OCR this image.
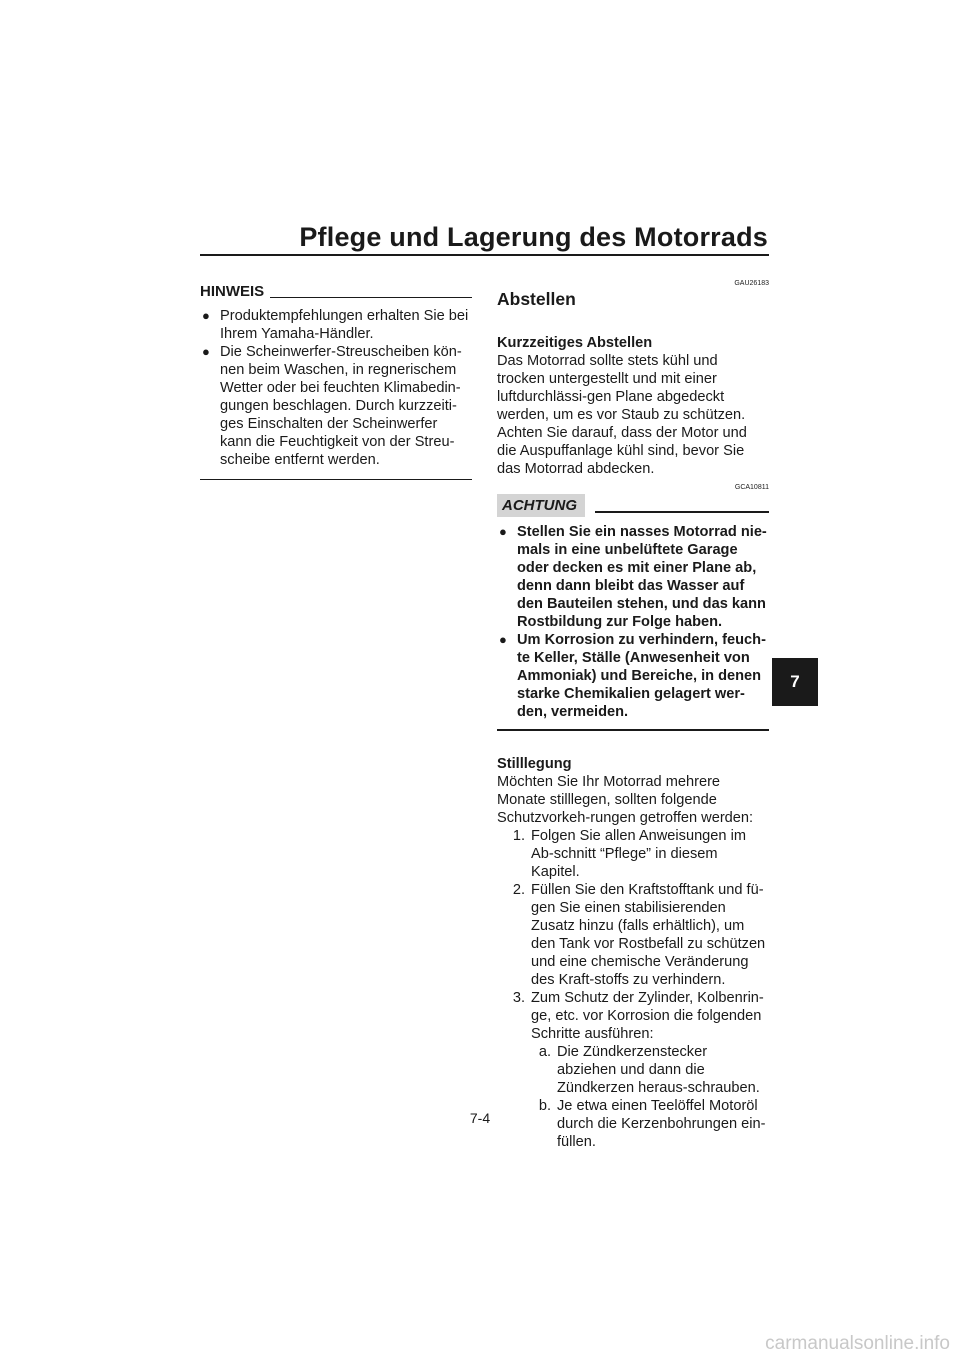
Pflege und Lagerung des Motorrads
7
HINWEIS
● Produktempfehlungen erhalten Sie bei Ihrem Yamaha-Händler.
● Die Scheinwerfer-Streuscheiben kön-nen beim Waschen, in regnerischem Wetter oder bei feuchten Klimabedin-gungen beschlagen. Durch kurzzeiti-ges Einschalten der Scheinwerfer kann die Feuchtigkeit von der Streu-scheibe entfernt werden.
GAU26183
Abstellen
Kurzzeitiges Abstellen
Das Motorrad sollte stets kühl und trocken untergestellt und mit einer luftdurchlässi-gen Plane abgedeckt werden, um es vor Staub zu schützen. Achten Sie darauf, dass der Motor und die Auspuffanlage kühl sind, bevor Sie das Motorrad abdecken.
GCA10811
ACHTUNG
● Stellen Sie ein nasses Motorrad nie-mals in eine unbelüftete Garage oder decken es mit einer Plane ab, denn dann bleibt das Wasser auf den Bauteilen stehen, und das kann Rostbildung zur Folge haben.
● Um Korrosion zu verhindern, feuch-te Keller, Ställe (Anwesenheit von Ammoniak) und Bereiche, in denen starke Chemikalien gelagert wer-den, vermeiden.
Stilllegung
Möchten Sie Ihr Motorrad mehrere Monate stilllegen, sollten folgende Schutzvorkeh-rungen getroffen werden:
1. Folgen Sie allen Anweisungen im Ab-schnitt “Pflege” in diesem Kapitel.
2. Füllen Sie den Kraftstofftank und fü-gen Sie einen stabilisierenden Zusatz hinzu (falls erhältlich), um den Tank vor Rostbefall zu schützen und eine chemische Veränderung des Kraft-stoffs zu verhindern.
3. Zum Schutz der Zylinder, Kolbenrin-ge, etc. vor Korrosion die folgenden Schritte ausführen:
a. Die Zündkerzenstecker abziehen und dann die Zündkerzen heraus-schrauben.
b. Je etwa einen Teelöffel Motoröl durch die Kerzenbohrungen ein-füllen.
7-4
carmanualsonline.info
